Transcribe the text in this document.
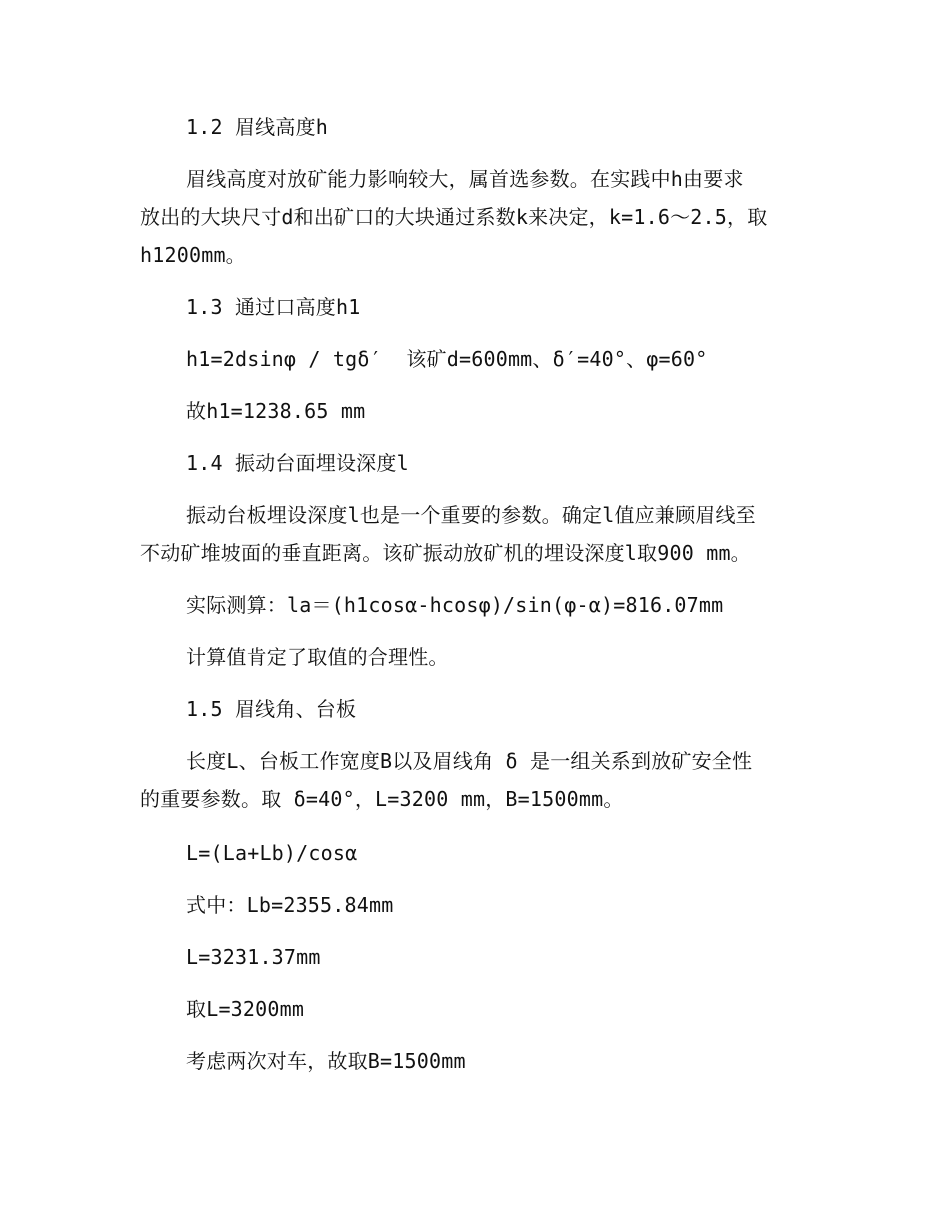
1.2 眉线高度h
眉线高度对放矿能力影响较大，属首选参数。在实践中h由要求
放出的大块尺寸d和出矿口的大块通过系数k来决定，k=1.6～2.5，取
h1200mm。
1.3 通过口高度h1
h1=2dsinφ / tgδ′  该矿d=600mm、δ′=40°、φ=60°
故h1=1238.65 mm
1.4 振动台面埋设深度l
振动台板埋设深度l也是一个重要的参数。确定l值应兼顾眉线至
不动矿堆坡面的垂直距离。该矿振动放矿机的埋设深度l取900 mm。
实际测算：la＝(h1cosα-hcosφ)/sin(φ-α)=816.07mm
计算值肯定了取值的合理性。
1.5 眉线角、台板
长度L、台板工作宽度B以及眉线角 δ 是一组关系到放矿安全性
的重要参数。取 δ=40°，L=3200 mm，B=1500mm。
L=(La+Lb)/cosα
式中：Lb=2355.84mm
L=3231.37mm
取L=3200mm
考虑两次对车，故取B=1500mm
